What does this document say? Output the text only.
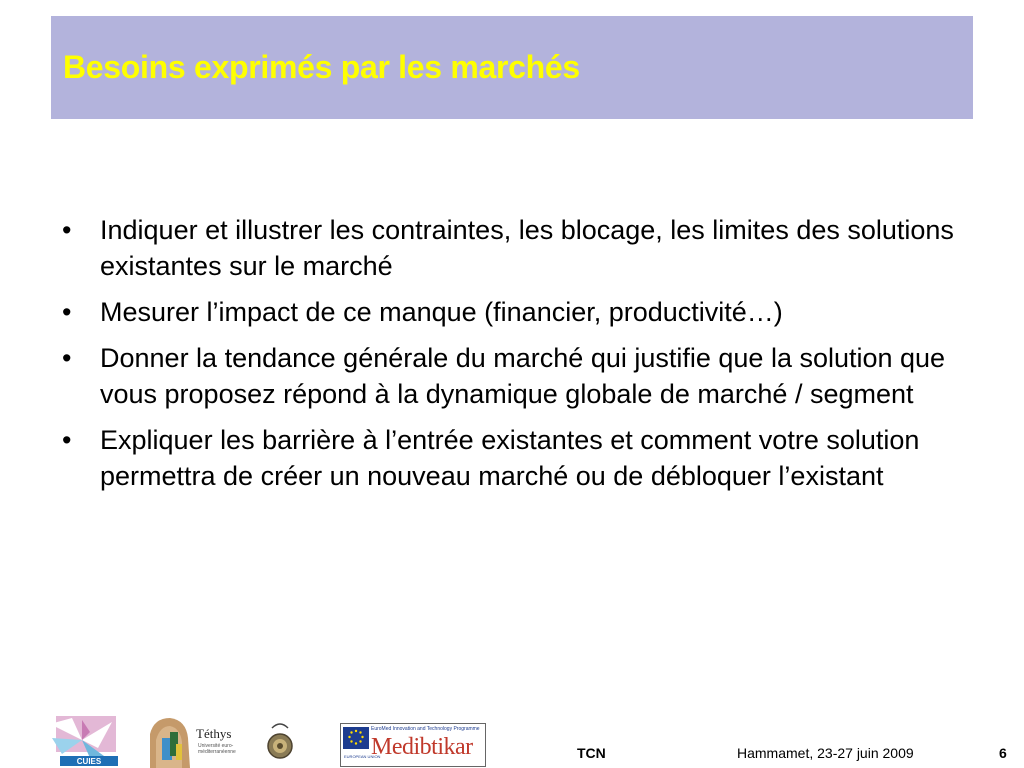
Besoins exprimés par les marchés
•	Indiquer et illustrer les contraintes, les blocage, les limites des solutions existantes sur le marché
•	Mesurer l’impact de ce manque (financier, productivité…)
•	Donner la tendance générale du marché qui justifie que la solution que vous proposez répond à la dynamique globale de marché / segment
•	Expliquer les barrière à l’entrée existantes et comment votre solution permettra de créer un nouveau marché ou de débloquer l’existant
CUIES
Téthys
Université euro-méditerranéenne
EUROPEAN UNION
EuroMed Innovation and Technology Programme
Medibtikar	TCN	Hammamet, 23-27 juin 2009	6
